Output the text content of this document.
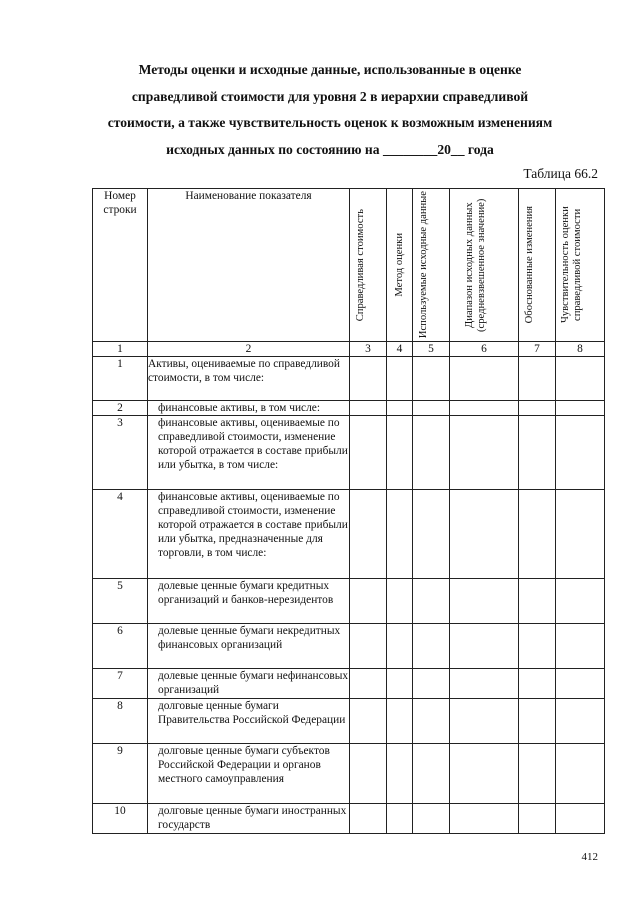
Методы оценки и исходные данные, использованные в оценке
справедливой стоимости для уровня 2 в иерархии справедливой
стоимости, а также чувствительность оценок к возможным изменениям
исходных данных по состоянию на ________20__ года
Таблица 66.2
Номер строки	Наименование показателя	Справедливая стоимость	Метод оценки	Используемые исходные данные	Диапазон исходных данных (средневзвешенное значение)	Обоснованные изменения	Чувствительность оценки справедливой стоимости

1	2	3	4	5	6	7	8
1	Активы, оцениваемые по справедливой стоимости, в том числе:						
2	финансовые активы, в том числе:						

3	финансовые активы, оцениваемые по справедливой стоимости, изменение которой отражается в составе прибыли или убытка, в том числе:						

4	финансовые активы, оцениваемые по справедливой стоимости, изменение которой отражается в составе прибыли или убытка, предназначенные для торговли, в том числе:						

5	долевые ценные бумаги кредитных организаций и банков-нерезидентов						

6	долевые ценные бумаги некредитных финансовых организаций						

7	долевые ценные бумаги нефинансовых организаций						

8	долговые ценные бумаги Правительства Российской Федерации						

9	долговые ценные бумаги субъектов Российской Федерации и органов местного самоуправления						

10	долговые ценные бумаги иностранных государств						

412
